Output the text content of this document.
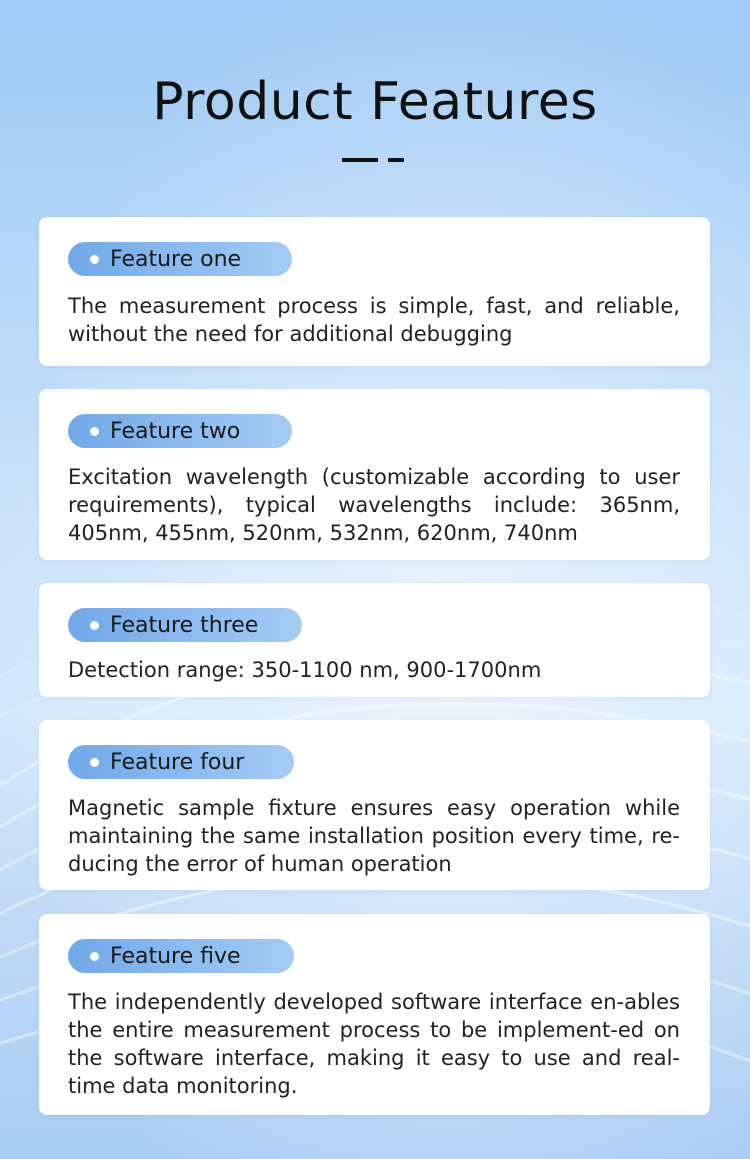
Product Features
Feature one
The measurement process is simple, fast, and reliable, without the need for additional debugging
Feature two
Excitation wavelength (customizable according to user requirements), typical wavelengths include: 365nm, 405nm, 455nm, 520nm, 532nm, 620nm, 740nm
Feature three
Detection range: 350-1100 nm, 900-1700nm
Feature four
Magnetic sample fixture ensures easy operation while maintaining the same installation position every time, re-ducing the error of human operation
Feature five
The independently developed software interface en-ables the entire measurement process to be implement-ed on the software interface, making it easy to use and real-time data monitoring.
